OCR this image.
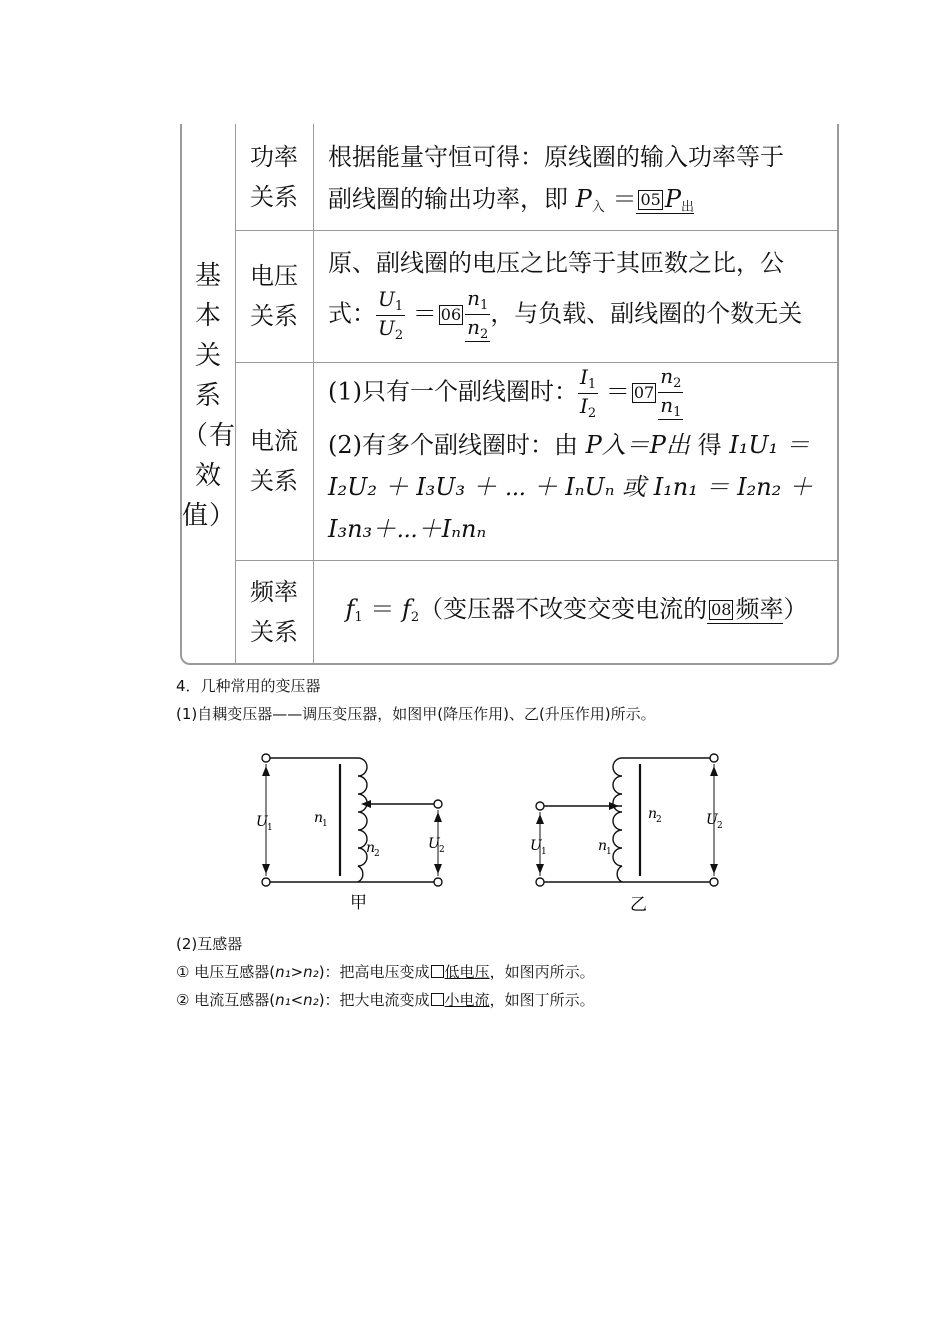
基本关系（有效值）
功率关系
根据能量守恒可得：原线圈的输入功率等于
副线圈的输出功率，即 $P_入 = 05$ $P_出$
电压关系
原、副线圈的电压之比等于其匝数之比，公
式： $\frac{U_1}{U_2} = 06 \frac{n_1}{n_2}$ ，与负载、副线圈的个数无关
电流关系
(1)只有一个副线圈时： $\frac{I_1}{I_2} = 07 \frac{n_2}{n_1}$
(2)有多个副线圈时：由 P入＝P出 得 I₁U₁ ＝
I₂U₂ ＋ I₃U₃ ＋ ⋯ ＋ IₙUₙ 或 I₁n₁ ＝ I₂n₂ ＋
I₃n₃＋⋯＋Iₙnₙ
频率关系
$f_1 = f_2$（变压器不改变交变电流的 08 频率）
4．几种常用的变压器
(1)自耦变压器——调压变压器，如图甲(降压作用)、乙(升压作用)所示。
U 1
n
1
n
2
U 2
甲
U 1	n
1
n
2	U 2
乙
(2)互感器
① 电压互感器(n₁>n₂)：把高电压变成 低电压，如图丙所示。
② 电流互感器(n₁<n₂)：把大电流变成 小电流，如图丁所示。
